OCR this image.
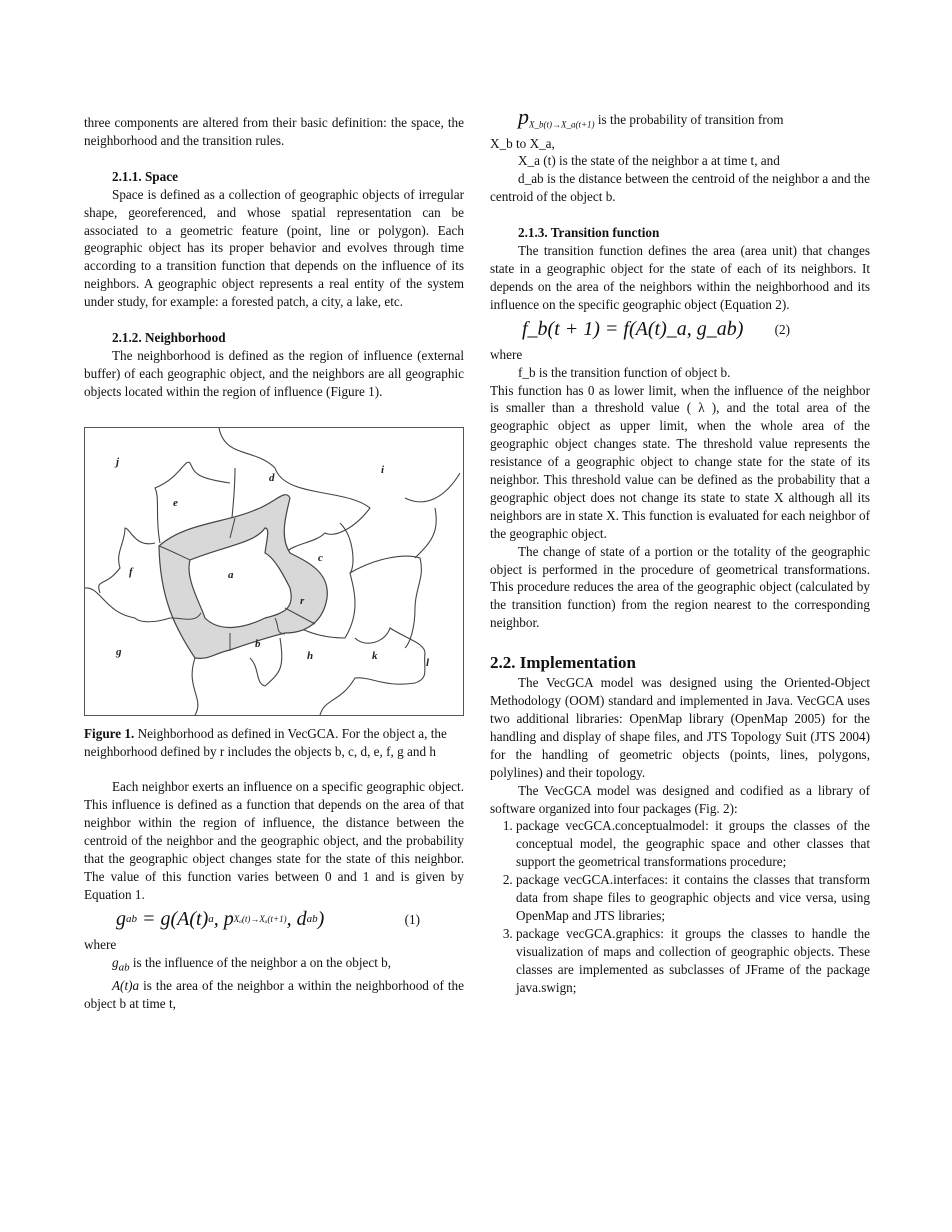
three components are altered from their basic definition: the space, the neighborhood and the transition rules.

2.1.1. Space

Space is defined as a collection of geographic objects of irregular shape, georeferenced, and whose spatial representation can be associated to a geometric feature (point, line or polygon). Each geographic object has its proper behavior and evolves through time according to a transition function that depends on the influence of its neighbors. A geographic object represents a real entity of the system under study, for example: a forested patch, a city, a lake, etc.

2.1.2. Neighborhood

The neighborhood is defined as the region of influence (external buffer) of each geographic object, and the neighbors are all geographic objects located within the region of influence (Figure 1).

j
d
i
e
c
f	a
r
g
b
h	k
l

Figure 1. Neighborhood as defined in VecGCA. For the object a, the neighborhood defined by r includes the objects b, c, d, e, f, g and h

Each neighbor exerts an influence on a specific geographic object. This influence is defined as a function that depends on the area of that neighbor within the region of influence, the distance between the centroid of the neighbor and the geographic object, and the probability that the geographic object changes state for the state of this neighbor. The value of this function varies between 0 and 1 and is given by Equation 1.

g ab = g(A(t) a , p Xₐ(t)→Xₐ(t+1) , d ab )	(1)

where

$g_{ab}$ is the influence of the neighbor a on the object b,

A(t)a is the area of the neighbor a within the neighborhood of the object b at time t,

$p_{X\_b(t)\to X\_a(t+1)}$ is the probability of transition from

X_b to X_a,

X_a (t) is the state of the neighbor a at time t, and

d_ab is the distance between the centroid of the neighbor a and the centroid of the object b.

2.1.3. Transition function

The transition function defines the area (area unit) that changes state in a geographic object for the state of each of its neighbors. It depends on the area of the neighbors within the neighborhood and its influence on the specific geographic object (Equation 2).

f_b(t + 1) = f(A(t)_a, g_ab) (2)

where

f_b is the transition function of object b.

This function has 0 as lower limit, when the influence of the neighbor is smaller than a threshold value ( λ ), and the total area of the geographic object as upper limit, when the whole area of the geographic object changes state. The threshold value represents the resistance of a geographic object to change state for the state of its neighbor. This threshold value can be defined as the probability that a geographic object does not change its state to state X although all its neighbors are in state X. This function is evaluated for each neighbor of the geographic object.

The change of state of a portion or the totality of the geographic object is performed in the procedure of geometrical transformations. This procedure reduces the area of the geographic object (calculated by the transition function) from the region nearest to the corresponding neighbor.

2.2. Implementation

The VecGCA model was designed using the Oriented-Object Methodology (OOM) standard and implemented in Java. VecGCA uses two additional libraries: OpenMap library (OpenMap 2005) for the handling and display of shape files, and JTS Topology Suit (JTS 2004) for the handling of geometric objects (points, lines, polygons, polylines) and their topology.

The VecGCA model was designed and codified as a library of software organized into four packages (Fig. 2):

1. package vecGCA.conceptualmodel: it groups the classes of the conceptual model, the geographic space and other classes that support the geometrical transformations procedure;
2. package vecGCA.interfaces: it contains the classes that transform data from shape files to geographic objects and vice versa, using OpenMap and JTS libraries;
3. package vecGCA.graphics: it groups the classes to handle the visualization of maps and collection of geographic objects. These classes are implemented as subclasses of JFrame of the package java.swign;
